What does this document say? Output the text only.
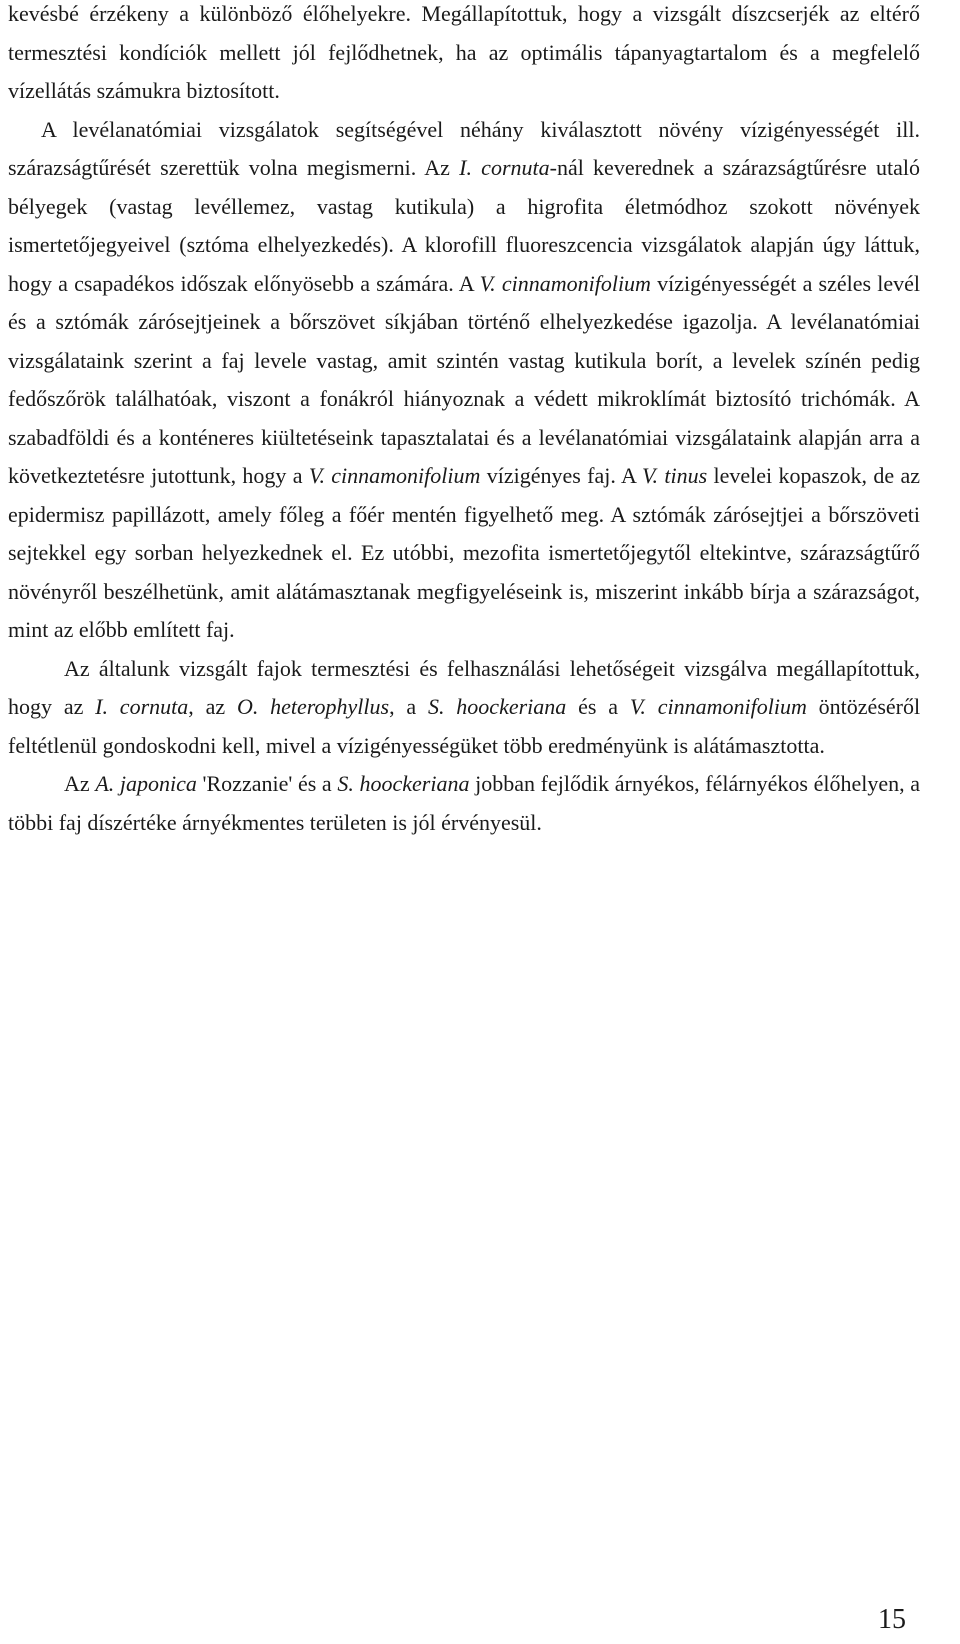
kevésbé érzékeny a különböző élőhelyekre. Megállapítottuk, hogy a vizsgált díszcserjék az eltérő termesztési kondíciók mellett jól fejlődhetnek, ha az optimális tápanyagtartalom és a megfelelő vízellátás számukra biztosított.
  A levélanatómiai vizsgálatok segítségével néhány kiválasztott növény vízigényességét ill. szárazságtűrését szerettük volna megismerni. Az I. cornuta-nál keverednek a szárazságtűrésre utaló bélyegek (vastag levéllemez, vastag kutikula) a higrofita életmódhoz szokott növények ismertetőjegyeivel (sztóma elhelyezkedés). A klorofill fluoreszcencia vizsgálatok alapján úgy láttuk, hogy a csapadékos időszak előnyösebb a számára. A V. cinnamonifolium vízigényességét a széles levél és a sztómák zárósejtjeinek a bőrszövet síkjában történő elhelyezkedése igazolja. A levélanatómiai vizsgálataink szerint a faj levele vastag, amit szintén vastag kutikula borít, a levelek színén pedig fedőszőrök találhatóak, viszont a fonákról hiányoznak a védett mikroklímát biztosító trichómák. A szabadföldi és a konténeres kiültetéseink tapasztalatai és a levélanatómiai vizsgálataink alapján arra a következtetésre jutottunk, hogy a V. cinnamonifolium vízigényes faj. A V. tinus levelei kopaszok, de az epidermisz papillázott, amely főleg a főér mentén figyelhető meg. A sztómák zárósejtjei a bőrszöveti sejtekkel egy sorban helyezkednek el. Ez utóbbi, mezofita ismertetőjegytől eltekintve, szárazságtűrő növényről beszélhetünk, amit alátámasztanak megfigyeléseink is, miszerint inkább bírja a szárazságot, mint az előbb említett faj.

Az általunk vizsgált fajok termesztési és felhasználási lehetőségeit vizsgálva megállapítottuk, hogy az I. cornuta, az O. heterophyllus, a S. hoockeriana és a V. cinnamonifolium öntözéséről feltétlenül gondoskodni kell, mivel a vízigényességüket több eredményünk is alátámasztotta.

Az A. japonica 'Rozzanie' és a S. hoockeriana jobban fejlődik árnyékos, félárnyékos élőhelyen, a többi faj díszértéke árnyékmentes területen is jól érvényesül.

15
